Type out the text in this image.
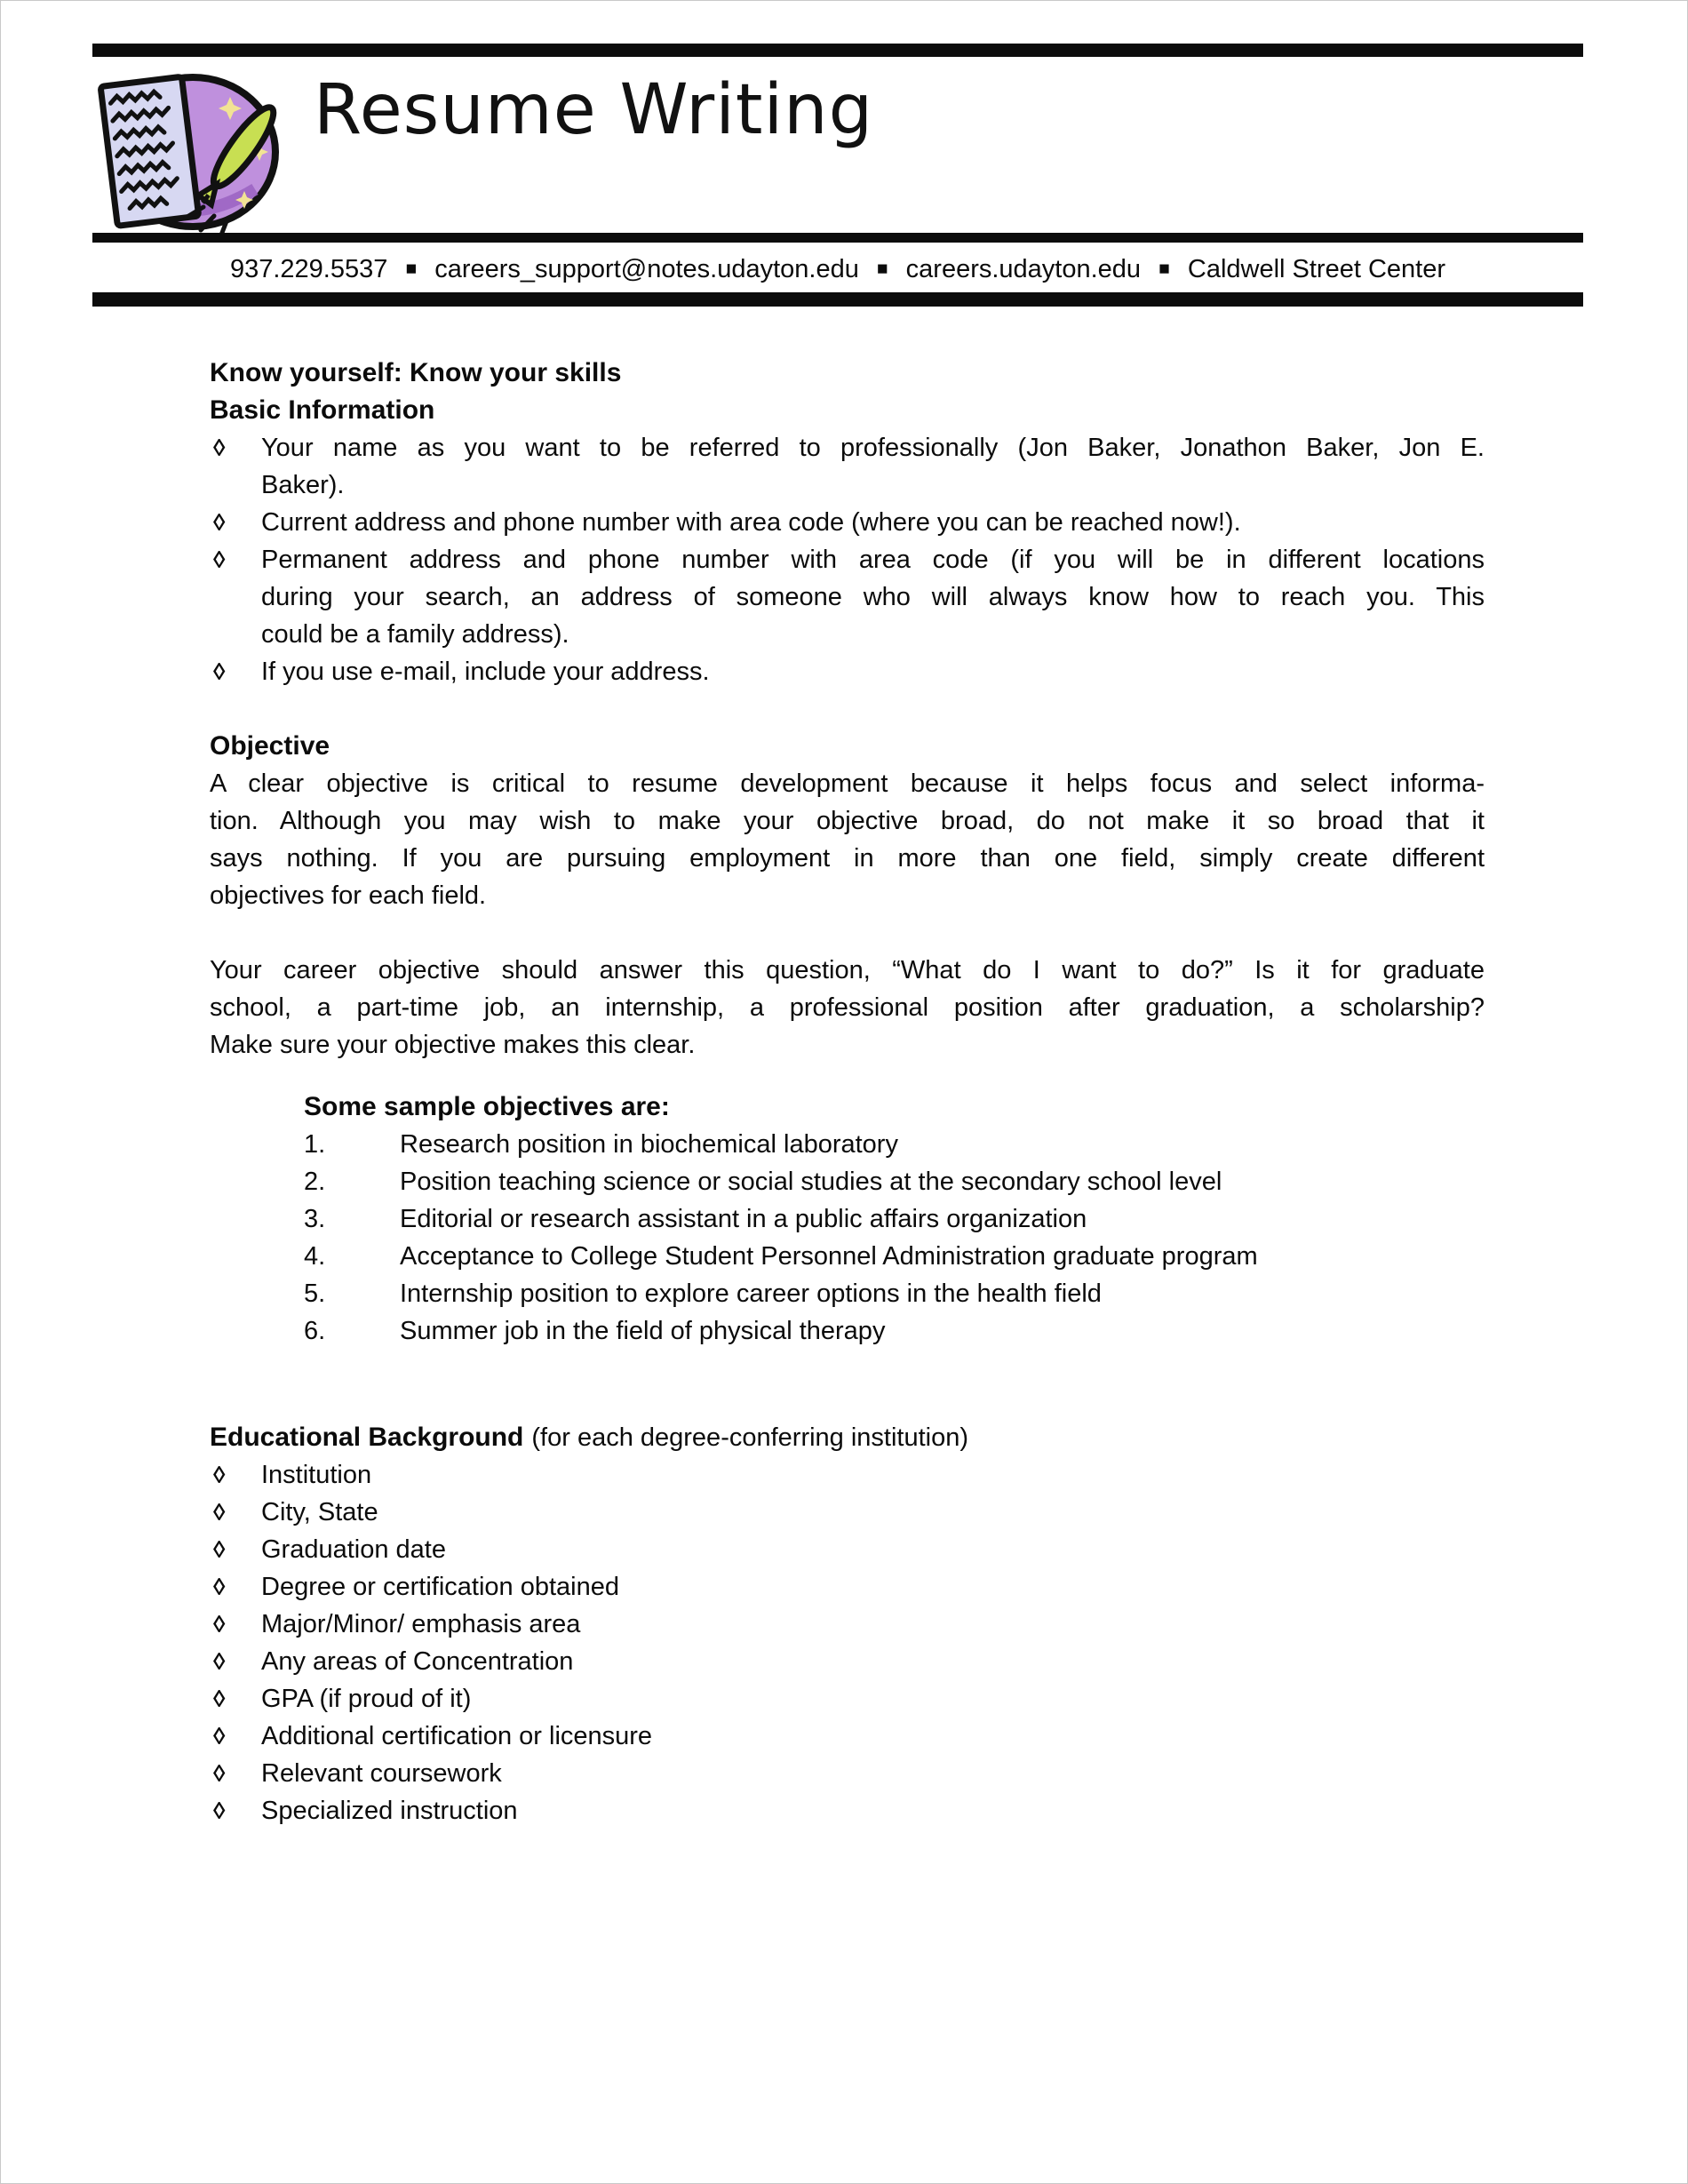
Resume Writing
937.229.5537 ■ careers_support@notes.udayton.edu ■ careers.udayton.edu ■ Caldwell Street Center
Know yourself: Know your skills
Basic Information
◊ Your name as you want to be referred to professionally (Jon Baker, Jonathon Baker, Jon E.
Baker).
◊ Current address and phone number with area code (where you can be reached now!).
◊ Permanent address and phone number with area code (if you will be in different locations
during your search, an address of someone who will always know how to reach you. This
could be a family address).
◊ If you use e-mail, include your address.
Objective
A clear objective is critical to resume development because it helps focus and select informa-
tion. Although you may wish to make your objective broad, do not make it so broad that it
says nothing. If you are pursuing employment in more than one field, simply create different
objectives for each field.
Your career objective should answer this question, “What do I want to do?” Is it for graduate
school, a part-time job, an internship, a professional position after graduation, a scholarship?
Make sure your objective makes this clear.
Some sample objectives are:
1.	Research position in biochemical laboratory
2.	Position teaching science or social studies at the secondary school level
3.	Editorial or research assistant in a public affairs organization
4.	Acceptance to College Student Personnel Administration graduate program
5.	Internship position to explore career options in the health field
6.	Summer job in the field of physical therapy
Educational Background (for each degree-conferring institution)
◊ Institution
◊ City, State
◊ Graduation date
◊ Degree or certification obtained
◊ Major/Minor/ emphasis area
◊ Any areas of Concentration
◊ GPA (if proud of it)
◊ Additional certification or licensure
◊ Relevant coursework
◊ Specialized instruction
